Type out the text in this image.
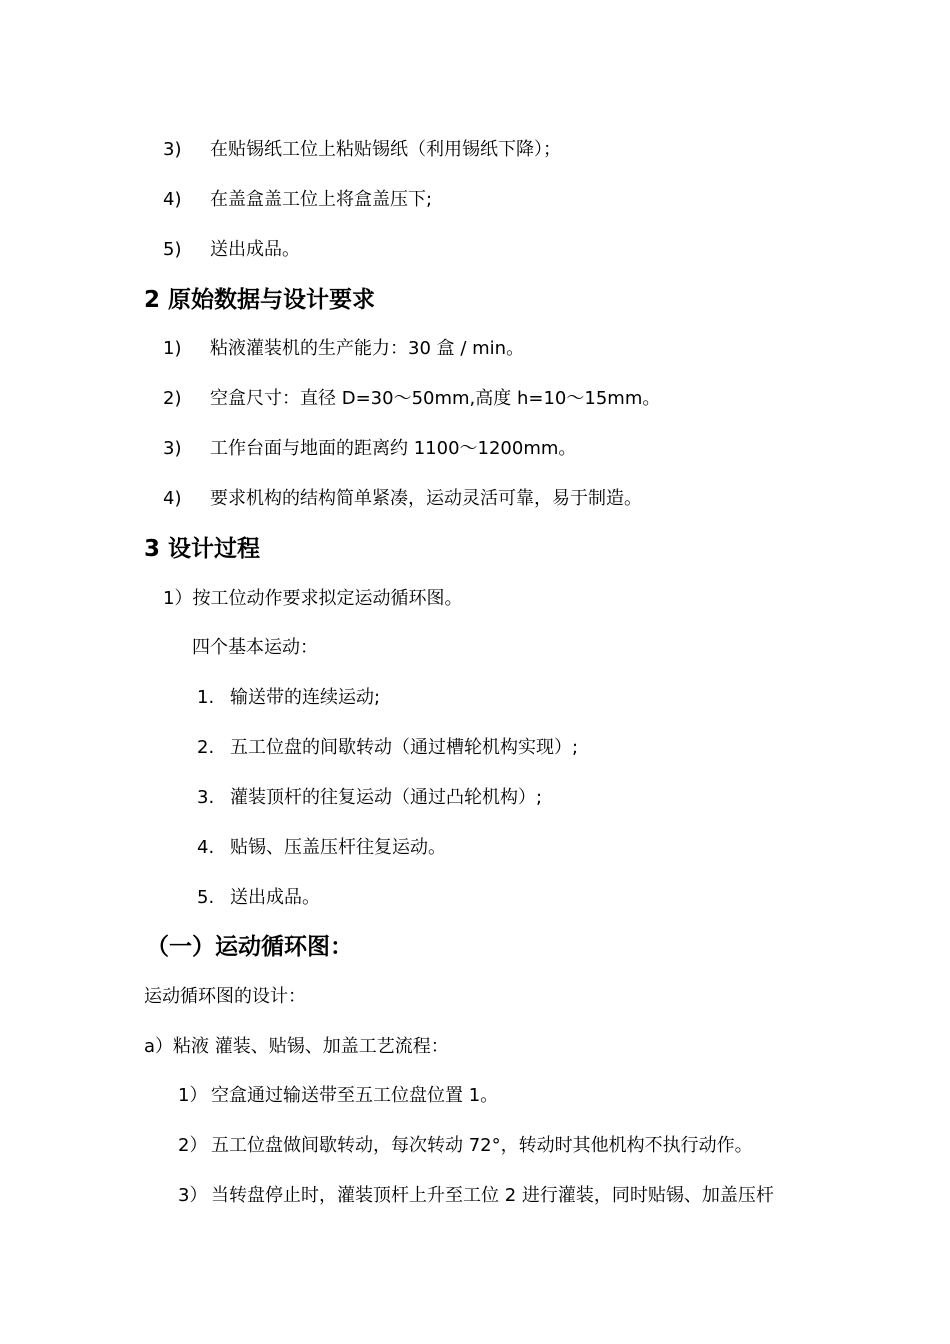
3) 在贴锡纸工位上粘贴锡纸（利用锡纸下降）；
4) 在盖盒盖工位上将盒盖压下;
5) 送出成品。
2 原始数据与设计要求
1) 粘液灌装机的生产能力：30 盒 / min。
2) 空盒尺寸：直径 D=30～50mm,高度 h=10～15mm。
3) 工作台面与地面的距离约 1100～1200mm。
4) 要求机构的结构简单紧凑，运动灵活可靠，易于制造。
3 设计过程
1）按工位动作要求拟定运动循环图。
四个基本运动：
1. 输送带的连续运动;
2. 五工位盘的间歇转动（通过槽轮机构实现）;
3. 灌装顶杆的往复运动（通过凸轮机构）;
4. 贴锡、压盖压杆往复运动。
5. 送出成品。
（一）运动循环图：
运动循环图的设计：
a）粘液 灌装、贴锡、加盖工艺流程：
1） 空盒通过输送带至五工位盘位置 1。
2） 五工位盘做间歇转动，每次转动 72°，转动时其他机构不执行动作。
3） 当转盘停止时，灌装顶杆上升至工位 2 进行灌装，同时贴锡、加盖压杆
